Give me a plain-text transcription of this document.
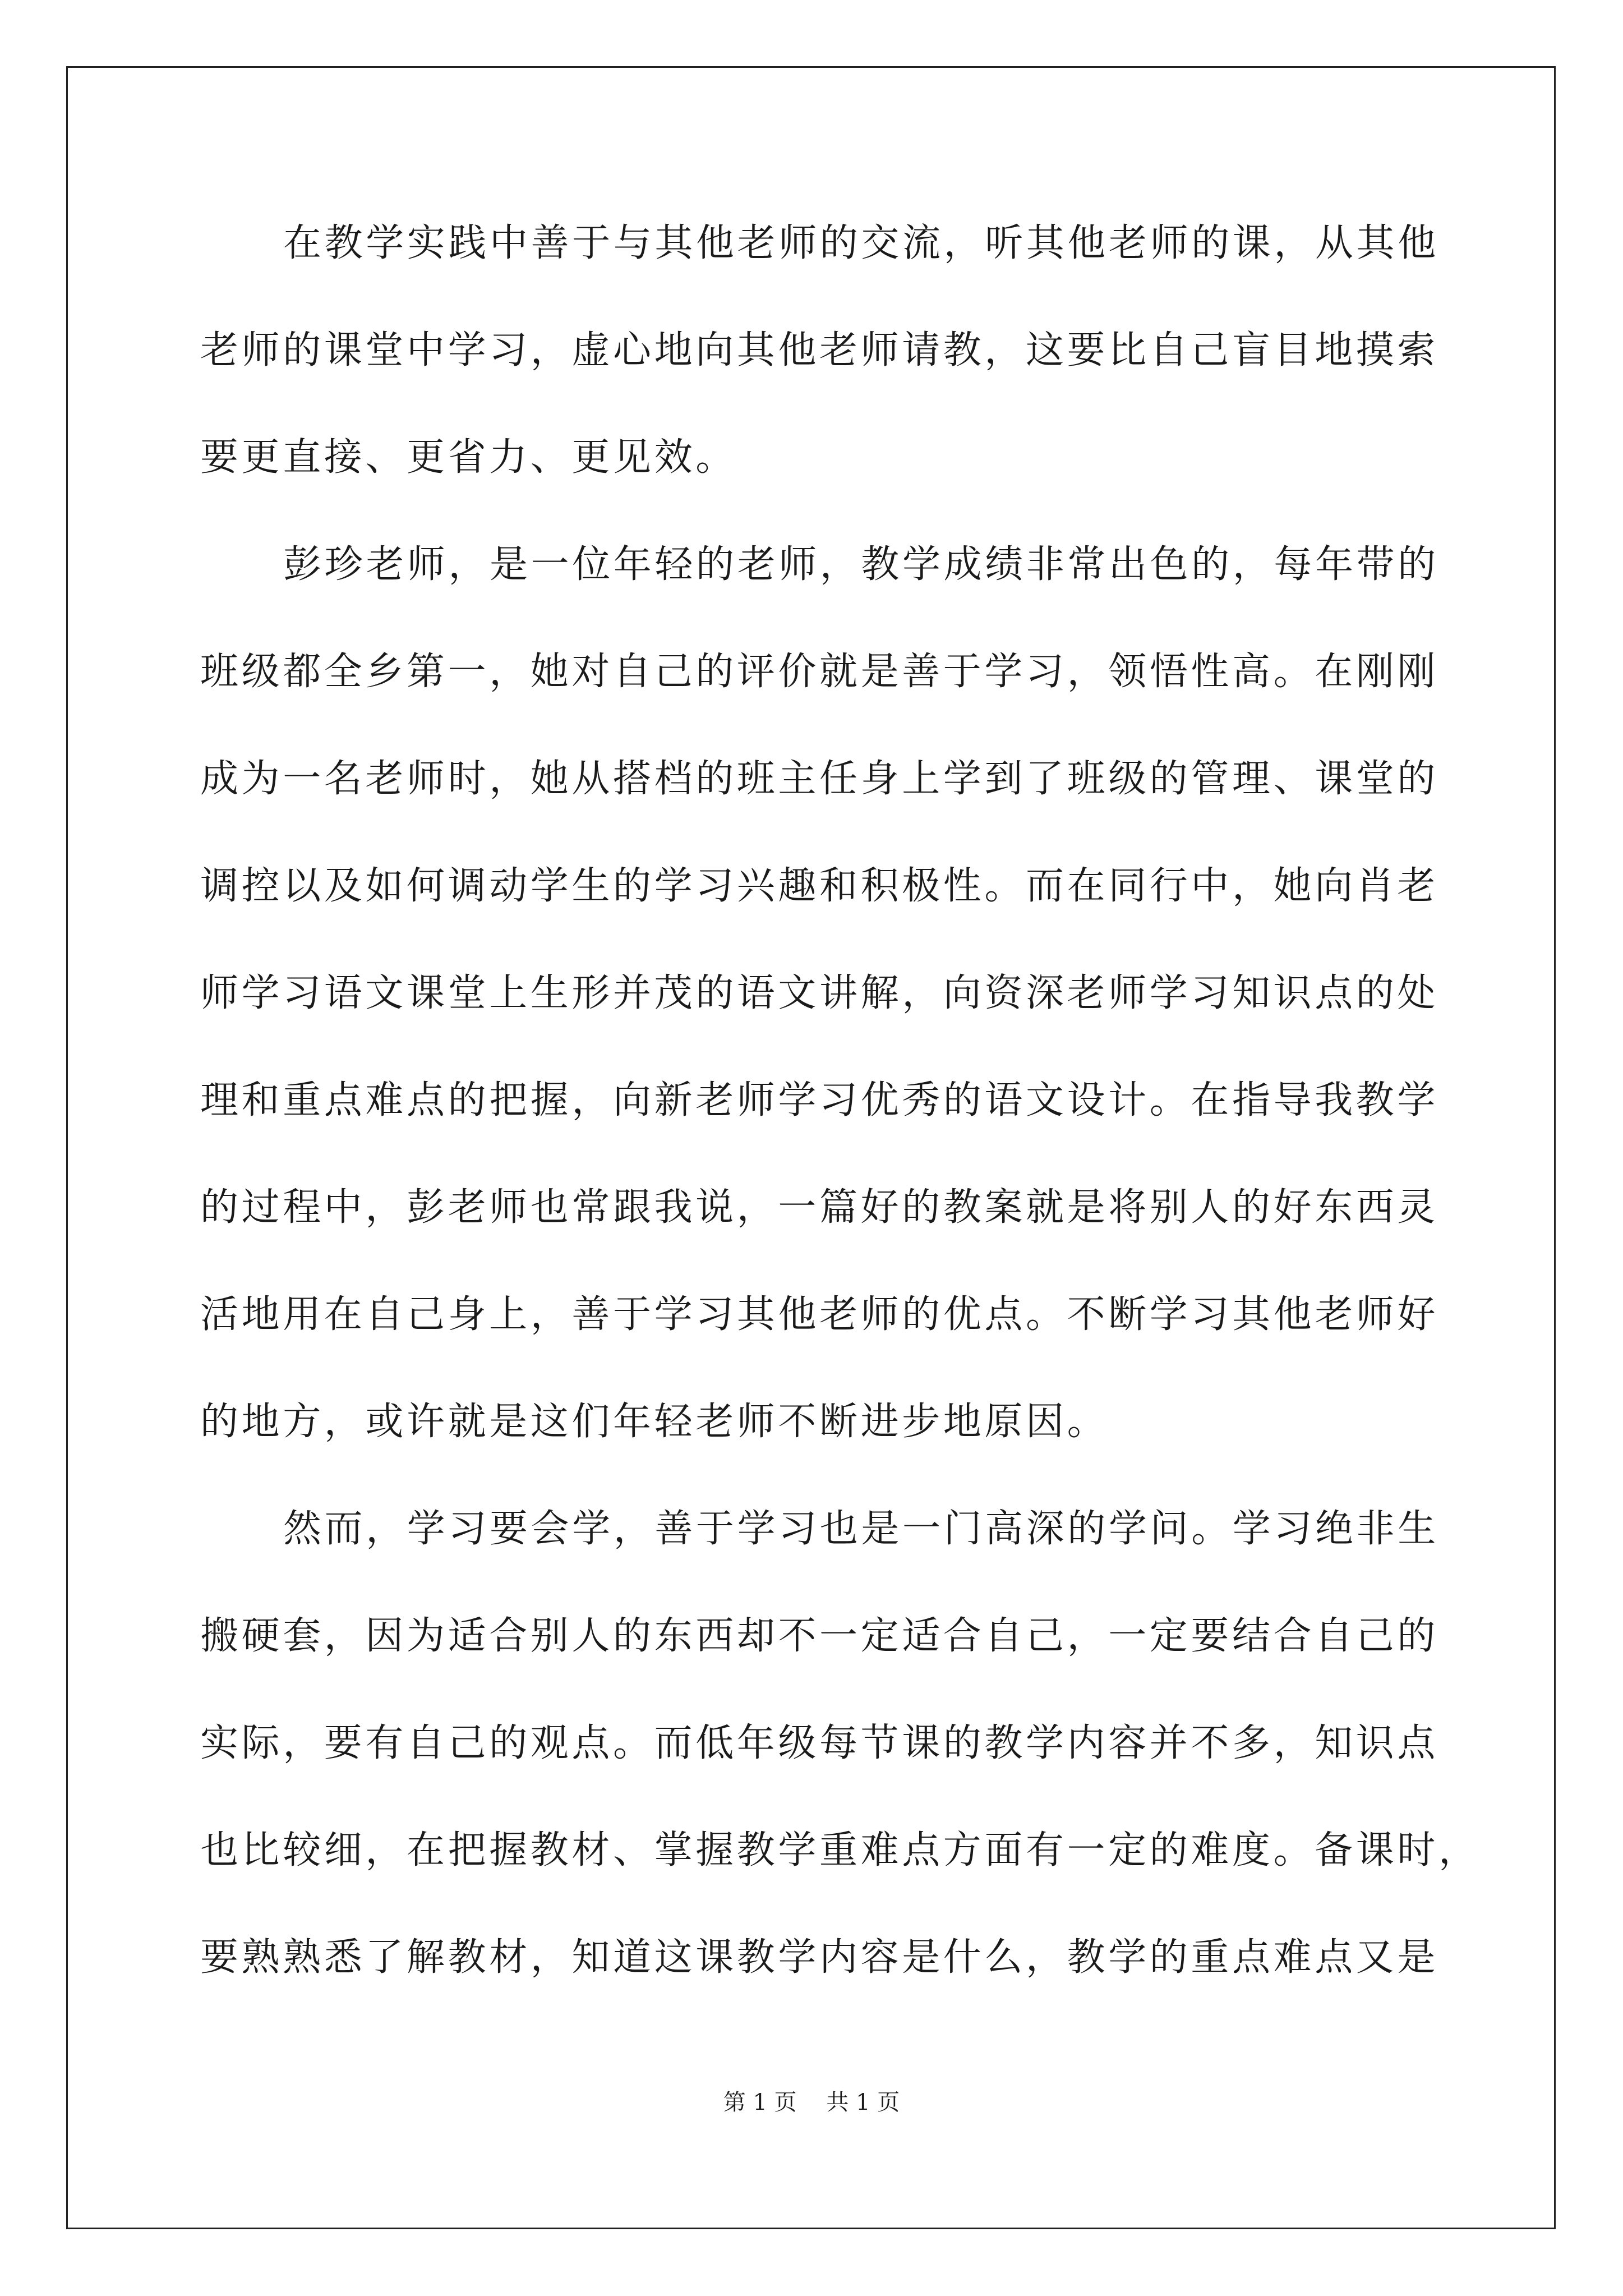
在教学实践中善于与其他老师的交流，听其他老师的课，从其他
老师的课堂中学习，虚心地向其他老师请教，这要比自己盲目地摸索
要更直接、更省力、更见效。
彭珍老师，是一位年轻的老师，教学成绩非常出色的，每年带的
班级都全乡第一，她对自己的评价就是善于学习，领悟性高。在刚刚
成为一名老师时，她从搭档的班主任身上学到了班级的管理、课堂的
调控以及如何调动学生的学习兴趣和积极性。而在同行中，她向肖老
师学习语文课堂上生形并茂的语文讲解，向资深老师学习知识点的处
理和重点难点的把握，向新老师学习优秀的语文设计。在指导我教学
的过程中，彭老师也常跟我说，一篇好的教案就是将别人的好东西灵
活地用在自己身上，善于学习其他老师的优点。不断学习其他老师好
的地方，或许就是这们年轻老师不断进步地原因。
然而，学习要会学，善于学习也是一门高深的学问。学习绝非生
搬硬套，因为适合别人的东西却不一定适合自己，一定要结合自己的
实际，要有自己的观点。而低年级每节课的教学内容并不多，知识点
也比较细，在把握教材、掌握教学重难点方面有一定的难度。备课时，
要熟熟悉了解教材，知道这课教学内容是什么，教学的重点难点又是
第 1 页 共 1 页
